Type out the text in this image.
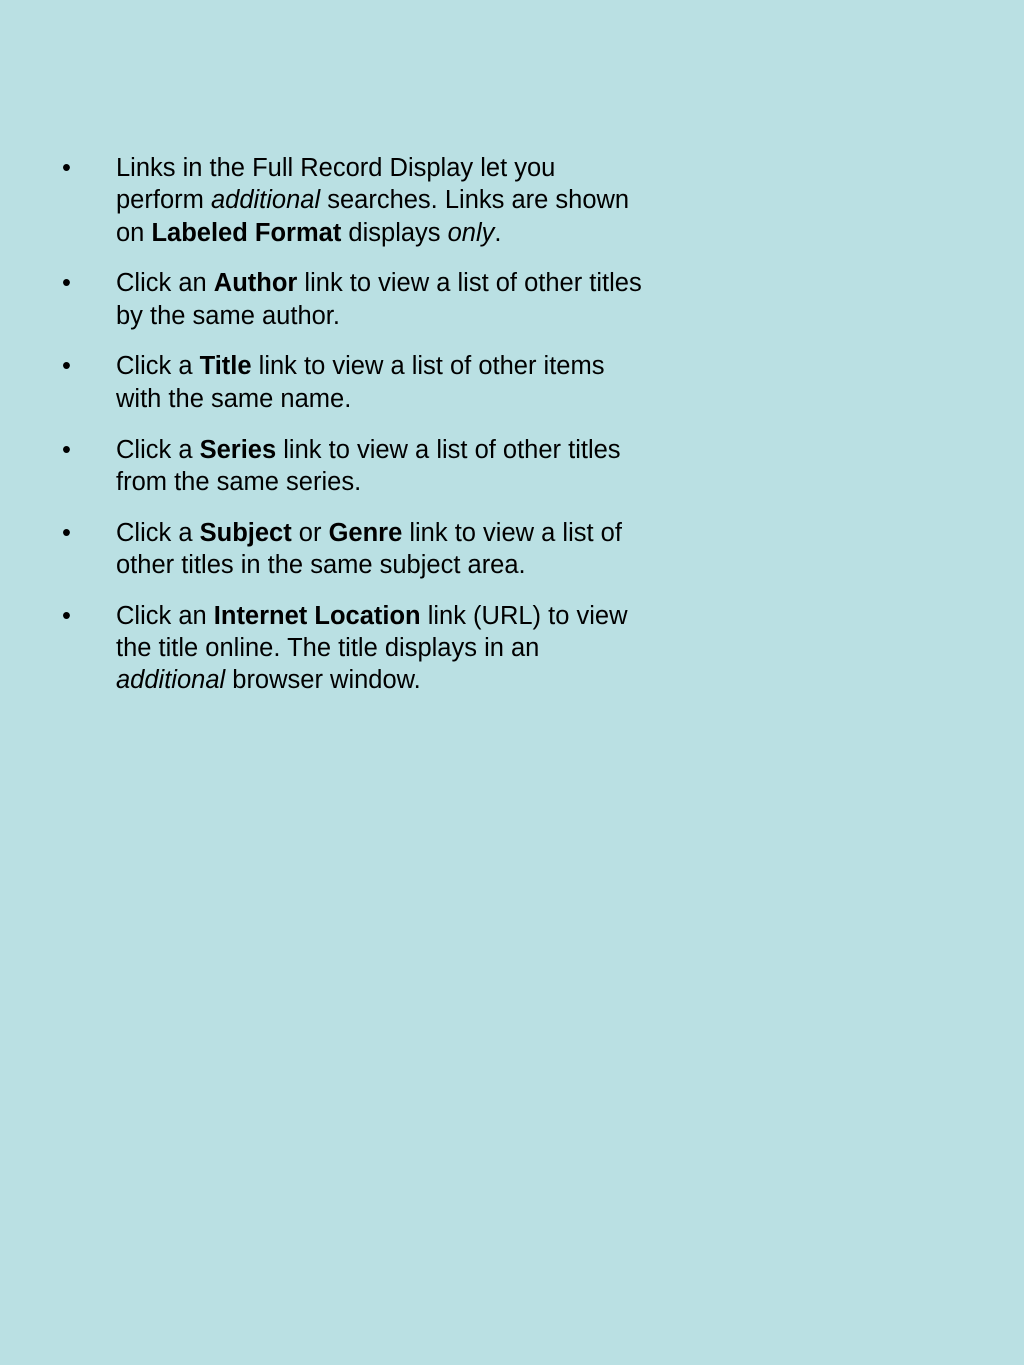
•	Links in the Full Record Display let you perform additional searches. Links are shown on Labeled Format displays only.
•	Click an Author link to view a list of other titles by the same author.
•	Click a Title link to view a list of other items with the same name.
•	Click a Series link to view a list of other titles from the same series.
•	Click a Subject or Genre link to view a list of other titles in the same subject area.
•	Click an Internet Location link (URL) to view the title online. The title displays in an additional browser window.
